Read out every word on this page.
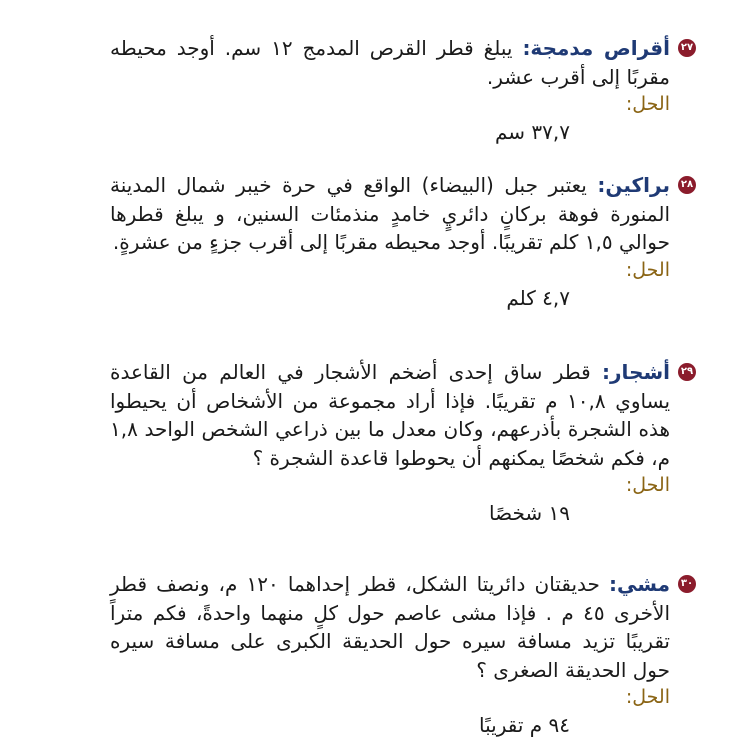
٢٧
أقراص مدمجة: يبلغ قطر القرص المدمج ١٢ سم. أوجد محيطه مقربًا إلى أقرب عشر.
الحل:
٣٧,٧ سم
٢٨
براكين: يعتبر جبل (البيضاء) الواقع في حرة خيبر شمال المدينة المنورة فوهة بركانٍ دائريٍ خامدٍ منذمئات السنين، و يبلغ قطرها حوالي ١,٥ كلم تقريبًا. أوجد محيطه مقربًا إلى أقرب جزءٍ من عشرةٍ.
الحل:
٤,٧ كلم
٢٩
أشجار: قطر ساق إحدى أضخم الأشجار في العالم من القاعدة يساوي ١٠,٨ م تقريبًا. فإذا أراد مجموعة من الأشخاص أن يحيطوا هذه الشجرة بأذرعهم، وكان معدل ما بين ذراعي الشخص الواحد ١,٨ م، فكم شخصًا يمكنهم أن يحوطوا قاعدة الشجرة ؟
الحل:
١٩ شخصًا
٣٠
مشي: حديقتان دائريتا الشكل، قطر إحداهما ١٢٠ م، ونصف قطر الأخرى ٤٥ م . فإذا مشى عاصم حول كلٍ منهما واحدةً، فكم متراً تقريبًا تزيد مسافة سيره حول الحديقة الكبرى على مسافة سيره حول الحديقة الصغرى ؟
الحل:
٩٤ م تقريبًا
